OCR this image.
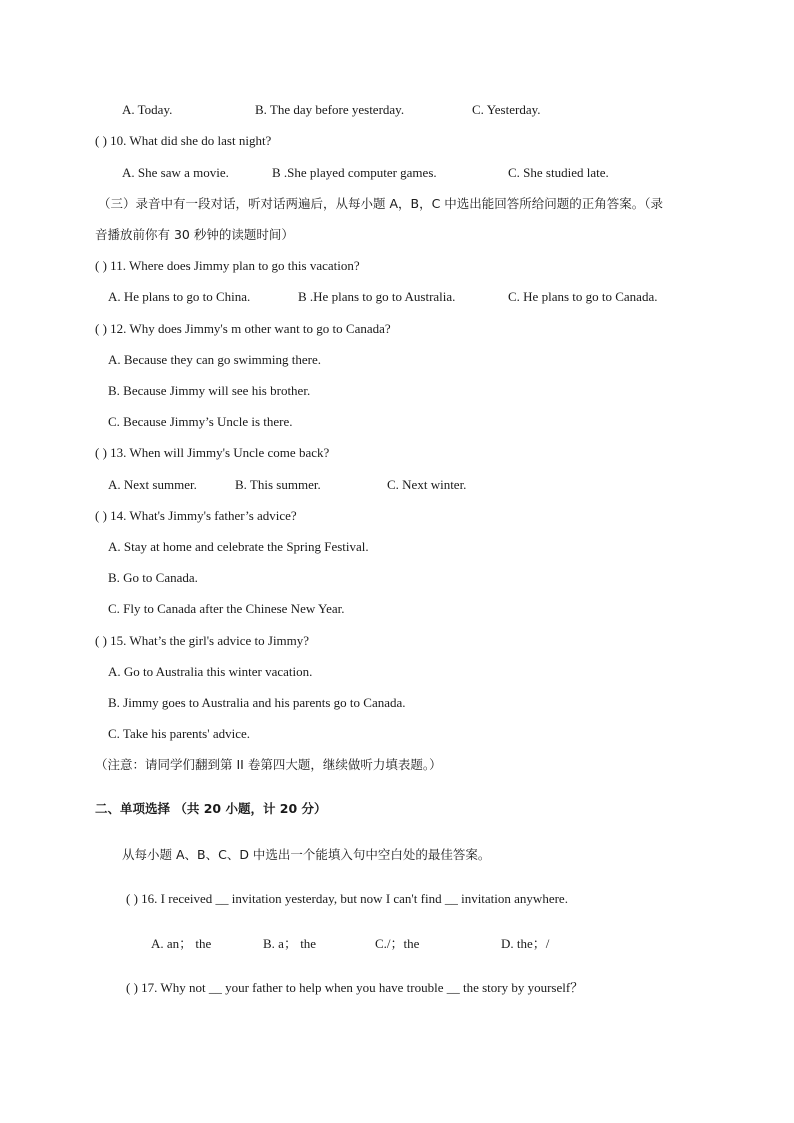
A. Today.	B. The day before yesterday.	C. Yesterday.
( ) 10. What did she do last night?
A. She saw a movie.	B .She played computer games.	C. She studied late.
（三）录音中有一段对话，听对话两遍后，从每小题 A，B，C 中选出能回答所给问题的正角答案。（录
音播放前你有 30 秒钟的读题时间）
( ) 11. Where does Jimmy plan to go this vacation?
A. He plans to go to China.	B .He plans to go to Australia.	C. He plans to go to Canada.
( ) 12. Why does Jimmy's m other want to go to Canada?
A. Because they can go swimming there.
B. Because Jimmy will see his brother.
C. Because Jimmy’s Uncle is there.
( ) 13. When will Jimmy's Uncle come back?
A. Next summer.	B. This summer.	C. Next winter.
( ) 14. What's Jimmy's father’s advice?
A. Stay at home and celebrate the Spring Festival.
B. Go to Canada.
C. Fly to Canada after the Chinese New Year.
( ) 15. What’s the girl's advice to Jimmy?
A. Go to Australia this winter vacation.
B. Jimmy goes to Australia and his parents go to Canada.
C. Take his parents' advice.
（注意：请同学们翻到第 II 卷第四大题，继续做听力填表题。）
二、单项选择 （共 20 小题，计 20 分）
从每小题 A、B、C、D 中选出一个能填入句中空白处的最佳答案。
( ) 16. I received __ invitation yesterday, but now I can't find __ invitation anywhere.
A. an； the	B. a； the	C./；the	D. the；/
( ) 17. Why not __ your father to help when you have trouble __ the story by yourself？
